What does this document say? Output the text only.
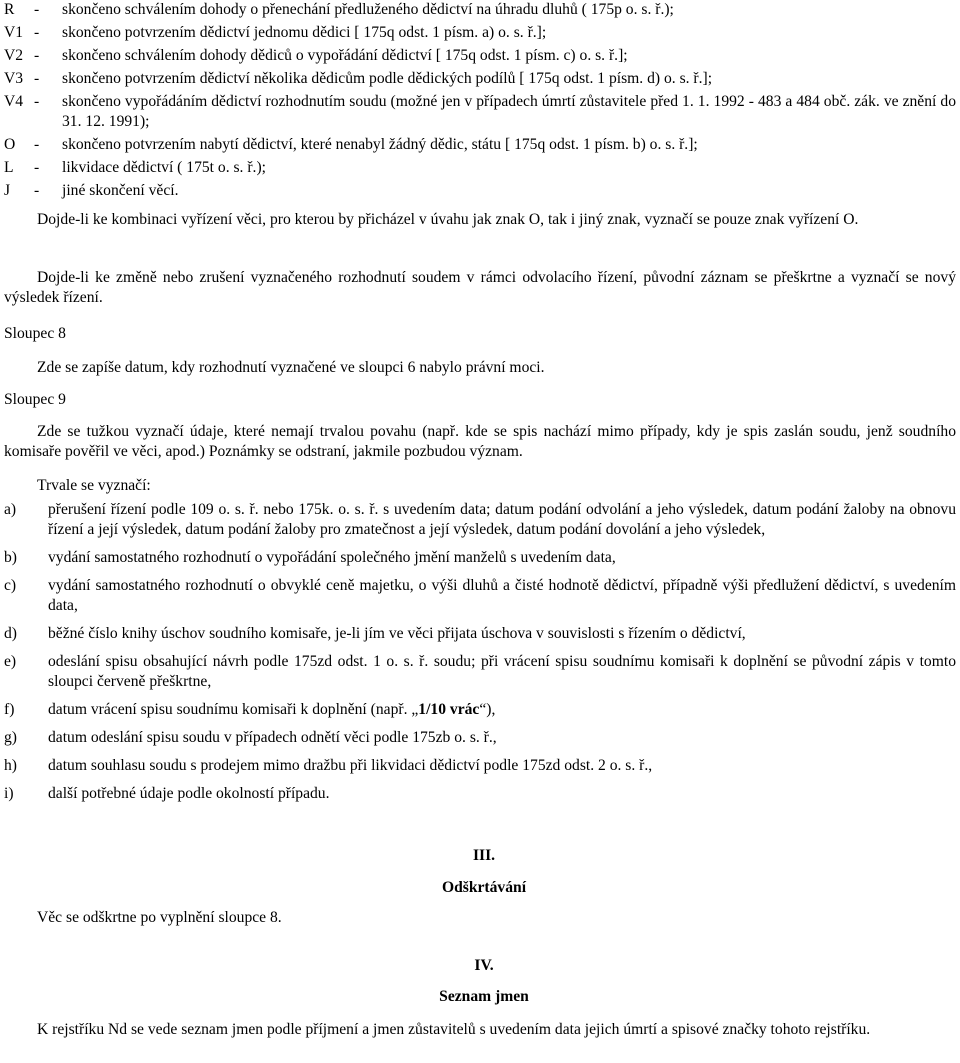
R	-	skončeno schválením dohody o přenechání předluženého dědictví na úhradu dluhů ( 175p o. s. ř.);
V1 -	skončeno potvrzením dědictví jednomu dědici [ 175q odst. 1 písm. a) o. s. ř.];
V2 -	skončeno schválením dohody dědiců o vypořádání dědictví [ 175q odst. 1 písm. c) o. s. ř.];
V3 -	skončeno potvrzením dědictví několika dědicům podle dědických podílů [ 175q odst. 1 písm. d) o. s. ř.];
V4 -	skončeno vypořádáním dědictví rozhodnutím soudu (možné jen v případech úmrtí zůstavitele před 1. 1. 1992 - 483 a 484 obč. zák. ve znění do 31. 12. 1991);
O	-	skončeno potvrzením nabytí dědictví, které nenabyl žádný dědic, státu [ 175q odst. 1 písm. b) o. s. ř.];
L	-	likvidace dědictví ( 175t o. s. ř.);
J	-	jiné skončení věcí.

Dojde-li ke kombinaci vyřízení věci, pro kterou by přicházel v úvahu jak znak O, tak i jiný znak, vyznačí se pouze znak vyřízení O.

Dojde-li ke změně nebo zrušení vyznačeného rozhodnutí soudem v rámci odvolacího řízení, původní záznam se přeškrtne a vyznačí se nový výsledek řízení.

Sloupec 8

Zde se zapíše datum, kdy rozhodnutí vyznačené ve sloupci 6 nabylo právní moci.

Sloupec 9

Zde se tužkou vyznačí údaje, které nemají trvalou povahu (např. kde se spis nachází mimo případy, kdy je spis zaslán soudu, jenž soudního komisaře pověřil ve věci, apod.) Poznámky se odstraní, jakmile pozbudou význam.

Trvale se vyznačí:

a)	přerušení řízení podle 109 o. s. ř. nebo 175k. o. s. ř. s uvedením data; datum podání odvolání a jeho výsledek, datum podání žaloby na obnovu řízení a její výsledek, datum podání žaloby pro zmatečnost a její výsledek, datum podání dovolání a jeho výsledek,
b)	vydání samostatného rozhodnutí o vypořádání společného jmění manželů s uvedením data,
c)	vydání samostatného rozhodnutí o obvyklé ceně majetku, o výši dluhů a čisté hodnotě dědictví, případně výši předlužení dědictví, s uvedením data,
d)	běžné číslo knihy úschov soudního komisaře, je-li jím ve věci přijata úschova v souvislosti s řízením o dědictví,
e)	odeslání spisu obsahující návrh podle 175zd odst. 1 o. s. ř. soudu; při vrácení spisu soudnímu komisaři k doplnění se původní zápis v tomto sloupci červeně přeškrtne,
f)	datum vrácení spisu soudnímu komisaři k doplnění (např. „1/10 vrác“),
g)	datum odeslání spisu soudu v případech odnětí věci podle 175zb o. s. ř.,
h)	datum souhlasu soudu s prodejem mimo dražbu při likvidaci dědictví podle 175zd odst. 2 o. s. ř.,
i)	další potřebné údaje podle okolností případu.
III.
Odškrtávání

Věc se odškrtne po vyplnění sloupce 8.

IV.
Seznam jmen

K rejstříku Nd se vede seznam jmen podle příjmení a jmen zůstavitelů s uvedením data jejich úmrtí a spisové značky tohoto rejstříku.
